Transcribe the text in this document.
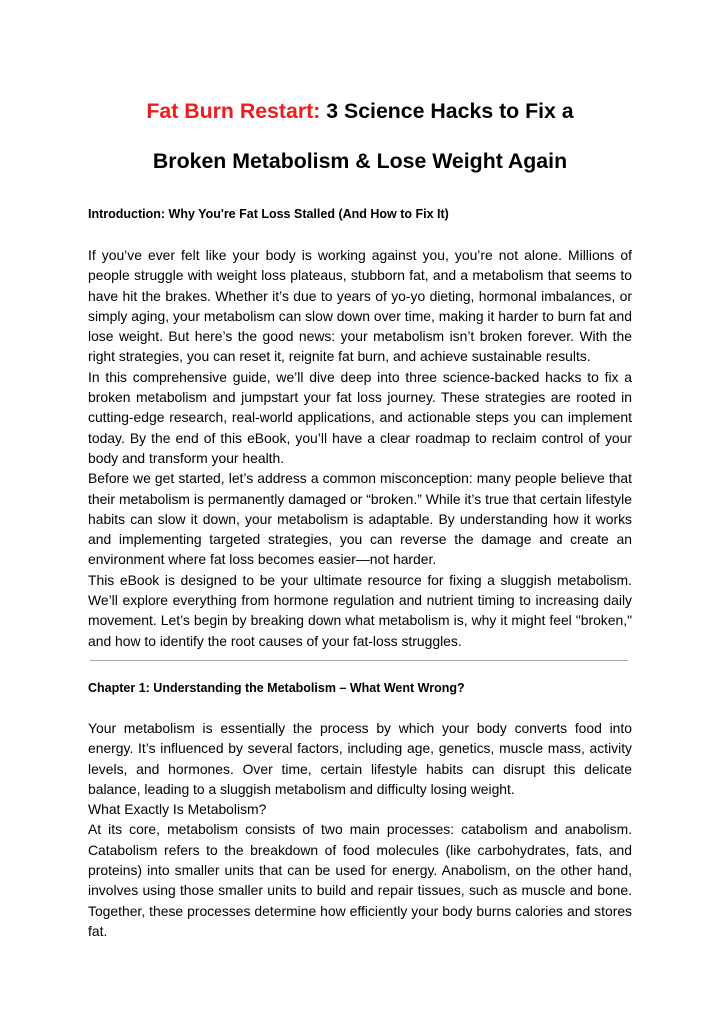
Fat Burn Restart: 3 Science Hacks to Fix a
Broken Metabolism & Lose Weight Again
Introduction: Why You're Fat Loss Stalled (And How to Fix It)

If you’ve ever felt like your body is working against you, you’re not alone. Millions of people struggle with weight loss plateaus, stubborn fat, and a metabolism that seems to have hit the brakes. Whether it’s due to years of yo-yo dieting, hormonal imbalances, or simply aging, your metabolism can slow down over time, making it harder to burn fat and lose weight. But here’s the good news: your metabolism isn’t broken forever. With the right strategies, you can reset it, reignite fat burn, and achieve sustainable results.

In this comprehensive guide, we’ll dive deep into three science-backed hacks to fix a broken metabolism and jumpstart your fat loss journey. These strategies are rooted in cutting-edge research, real-world applications, and actionable steps you can implement today. By the end of this eBook, you’ll have a clear roadmap to reclaim control of your body and transform your health.

Before we get started, let’s address a common misconception: many people believe that their metabolism is permanently damaged or “broken.” While it’s true that certain lifestyle habits can slow it down, your metabolism is adaptable. By understanding how it works and implementing targeted strategies, you can reverse the damage and create an environment where fat loss becomes easier—not harder.

This eBook is designed to be your ultimate resource for fixing a sluggish metabolism. We’ll explore everything from hormone regulation and nutrient timing to increasing daily movement. Let’s begin by breaking down what metabolism is, why it might feel "broken," and how to identify the root causes of your fat-loss struggles.

Chapter 1: Understanding the Metabolism – What Went Wrong?

Your metabolism is essentially the process by which your body converts food into energy. It’s influenced by several factors, including age, genetics, muscle mass, activity levels, and hormones. Over time, certain lifestyle habits can disrupt this delicate balance, leading to a sluggish metabolism and difficulty losing weight.

What Exactly Is Metabolism?

At its core, metabolism consists of two main processes: catabolism and anabolism. Catabolism refers to the breakdown of food molecules (like carbohydrates, fats, and proteins) into smaller units that can be used for energy. Anabolism, on the other hand, involves using those smaller units to build and repair tissues, such as muscle and bone. Together, these processes determine how efficiently your body burns calories and stores fat.
